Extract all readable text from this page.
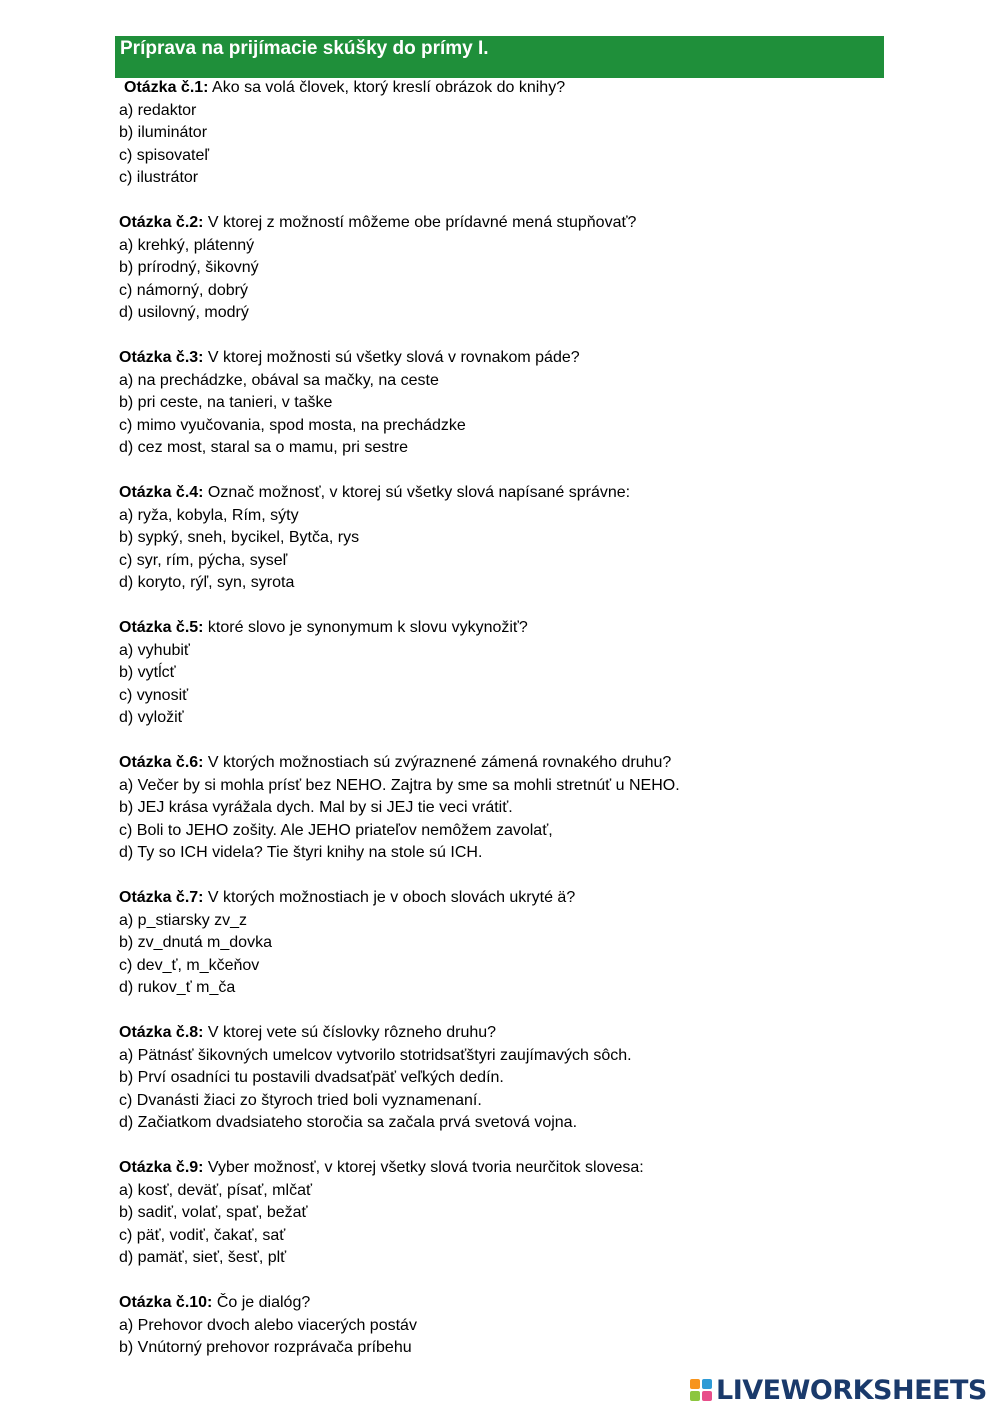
Príprava na prijímacie skúšky do prímy I.
Otázka č.1: Ako sa volá človek, ktorý kreslí obrázok do knihy?
a) redaktor
b) iluminátor
c) spisovateľ
c) ilustrátor
Otázka č.2: V ktorej z možností môžeme obe prídavné mená stupňovať?
a) krehký, plátenný
b) prírodný, šikovný
c) námorný, dobrý
d) usilovný, modrý
Otázka č.3: V ktorej možnosti sú všetky slová v rovnakom páde?
a) na prechádzke, obával sa mačky, na ceste
b) pri ceste, na tanieri, v taške
c) mimo vyučovania, spod mosta, na prechádzke
d) cez most, staral sa o mamu, pri sestre
Otázka č.4: Označ možnosť, v ktorej sú všetky slová napísané správne:
a) ryža, kobyla, Rím, sýty
b) sypký, sneh, bycikel, Bytča, rys
c) syr, rím, pýcha, syseľ
d) koryto, rýľ, syn, syrota
Otázka č.5: ktoré slovo je synonymum k slovu vykynožiť?
a) vyhubiť
b) vytĺcť
c) vynosiť
d) vyložiť
Otázka č.6: V ktorých možnostiach sú zvýraznené zámená rovnakého druhu?
a) Večer by si mohla prísť bez NEHO. Zajtra by sme sa mohli stretnúť u NEHO.
b) JEJ krása vyrážala dych. Mal by si JEJ tie veci vrátiť.
c) Boli to JEHO zošity. Ale JEHO priateľov nemôžem zavolať,
d) Ty so ICH videla? Tie štyri knihy na stole sú ICH.
Otázka č.7: V ktorých možnostiach je v oboch slovách ukryté ä?
a) p_stiarsky zv_z
b) zv_dnutá m_dovka
c) dev_ť, m_kčeňov
d) rukov_ť m_ča
Otázka č.8: V ktorej vete sú číslovky rôzneho druhu?
a) Pätnásť šikovných umelcov vytvorilo stotridsaťštyri zaujímavých sôch.
b) Prví osadníci tu postavili dvadsaťpäť veľkých dedín.
c) Dvanásti žiaci zo štyroch tried boli vyznamenaní.
d) Začiatkom dvadsiateho storočia sa začala prvá svetová vojna.
Otázka č.9: Vyber možnosť, v ktorej všetky slová tvoria neurčitok slovesa:
a) kosť, deväť, písať, mlčať
b) sadiť, volať, spať, bežať
c) päť, vodiť, čakať, sať
d) pamäť, sieť, šesť, plť
Otázka č.10: Čo je dialóg?
a) Prehovor dvoch alebo viacerých postáv
b) Vnútorný prehovor rozprávača príbehu
LIVEWORKSHEETS
